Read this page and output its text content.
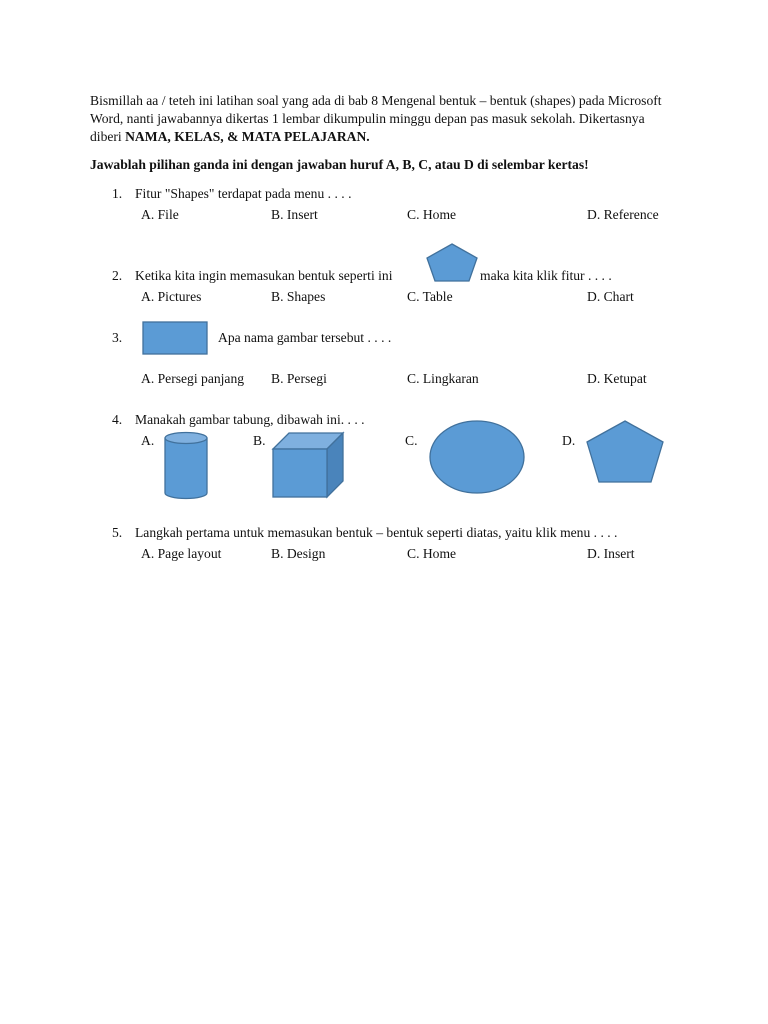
Bismillah aa / teteh ini latihan soal yang ada di bab 8 Mengenal bentuk – bentuk (shapes) pada Microsoft
Word, nanti jawabannya dikertas 1 lembar dikumpulin minggu depan pas masuk sekolah. Dikertasnya
diberi NAMA, KELAS, & MATA PELAJARAN.
Jawablah pilihan ganda ini dengan jawaban huruf A, B, C, atau D di selembar kertas!
1. Fitur "Shapes" terdapat pada menu . . . .
A. File	B. Insert	C. Home	D. Reference
2. Ketika kita ingin memasukan bentuk seperti ini	maka kita klik fitur . . . .
A. Pictures	B. Shapes	C. Table	D. Chart
3.	Apa nama gambar tersebut . . . .
A. Persegi panjang B. Persegi	C. Lingkaran	D. Ketupat
4. Manakah gambar tabung, dibawah ini. . . .
A.	B.	C.	D.
5. Langkah pertama untuk memasukan bentuk – bentuk seperti diatas, yaitu klik menu . . . .
A. Page layout	B. Design	C. Home	D. Insert
